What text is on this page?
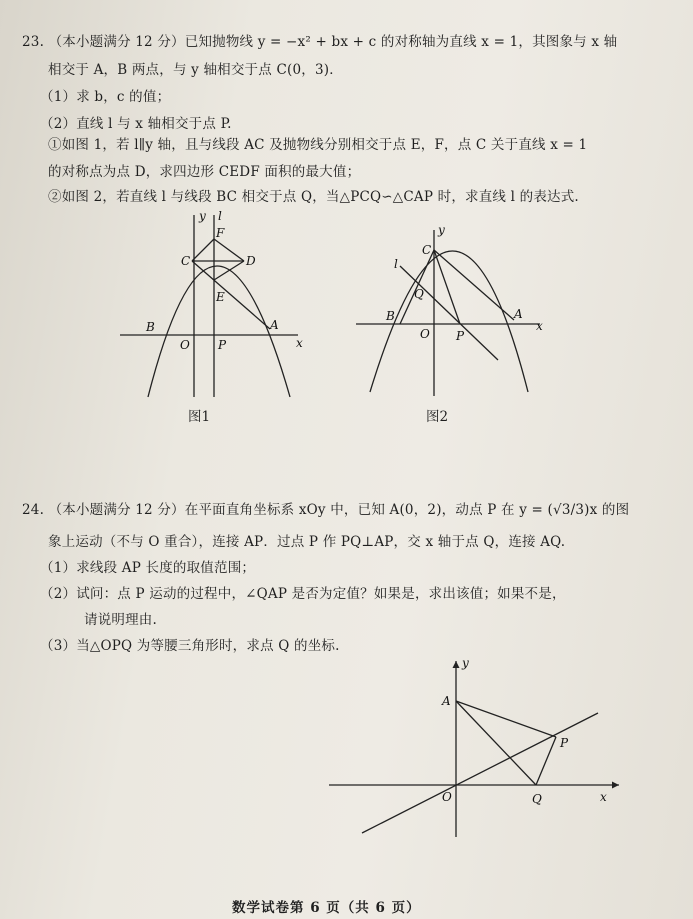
23. （本小题满分 12 分）已知抛物线 y = −x² + bx + c 的对称轴为直线 x = 1，其图象与 x 轴
相交于 A，B 两点，与 y 轴相交于点 C(0，3)．
（1）求 b，c 的值；
（2）直线 l 与 x 轴相交于点 P.
①如图 1，若 l∥y 轴，且与线段 AC 及抛物线分别相交于点 E，F，点 C 关于直线 x = 1
的对称点为点 D，求四边形 CEDF 面积的最大值；
②如图 2，若直线 l 与线段 BC 相交于点 Q，当△PCQ∽△CAP 时，求直线 l 的表达式.
y l
F
C	D
E
B
O P
A
x
图1
l
y
C
Q
B
O P
A
x
图2
24. （本小题满分 12 分）在平面直角坐标系 xOy 中，已知 A(0，2)，动点 P 在 y = (√3/3)x 的图
象上运动（不与 O 重合），连接 AP．过点 P 作 PQ⊥AP，交 x 轴于点 Q，连接 AQ.
（1）求线段 AP 长度的取值范围；
（2）试问：点 P 运动的过程中，∠QAP 是否为定值？如果是，求出该值；如果不是，
请说明理由.
（3）当△OPQ 为等腰三角形时，求点 Q 的坐标.
y
A
P
O	Q	x
数学试卷第 6 页（共 6 页）
